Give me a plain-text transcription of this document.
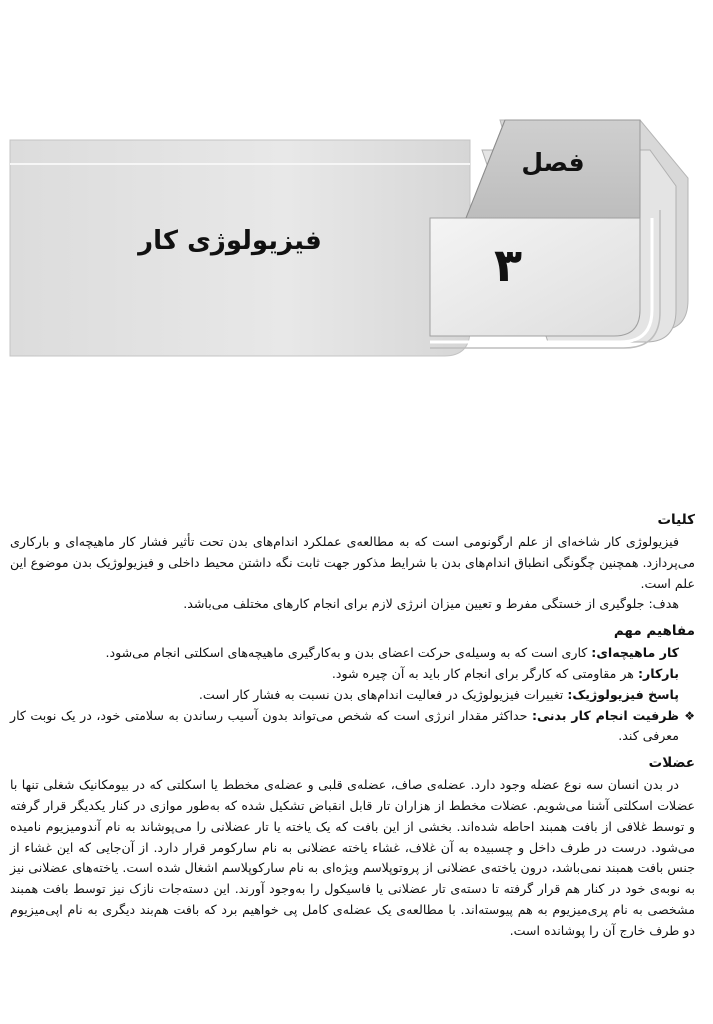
فصل
۳
فیزیولوژی کار
کلیات

فیزیولوژی کار شاخه‌ای از علم ارگونومی است که به مطالعه‌ی عملکرد اندام‌های بدن تحت تأثیر فشار کار ماهیچه‌ای و بارکاری می‌پردازد. همچنین چگونگی انطباق اندام‌های بدن با شرایط مذکور جهت ثابت نگه داشتن محیط داخلی و فیزیولوژیک بدن موضوع این علم است.

هدف: جلوگیری از خستگی مفرط و تعیین میزان انرژی لازم برای انجام کارهای مختلف می‌باشد.

مفاهیم مهم

کار ماهیچه‌ای: کاری است که به وسیله‌ی حرکت اعضای بدن و به‌کارگیری ماهیچه‌های اسکلتی انجام می‌شود.

بارکار: هر مقاومتی که کارگر برای انجام کار باید به آن چیره شود.

پاسخ فیزیولوژیک: تغییرات فیزیولوژیک در فعالیت اندام‌های بدن نسبت به فشار کار است.

❖
ظرفیت انجام کار بدنی: حداکثر مقدار انرژی است که شخص می‌تواند بدون آسیب رساندن به سلامتی خود، در یک نوبت کار معرفی کند.
عضلات

در بدن انسان سه نوع عضله وجود دارد. عضله‌ی صاف، عضله‌ی قلبی و عضله‌ی مخطط یا اسکلتی که در بیومکانیک شغلی تنها با عضلات اسکلتی آشنا می‌شویم. عضلات مخطط از هزاران تار قابل انقباض تشکیل شده که به‌طور موازی در کنار یکدیگر قرار گرفته و توسط غلافی از بافت همبند احاطه شده‌اند. بخشی از این بافت که یک یاخته یا تار عضلانی را می‌پوشاند به نام آندومیزیوم نامیده می‌شود. درست در طرف داخل و چسبیده به آن غلاف، غشاء یاخته عضلانی به نام سارکومر قرار دارد. از آن‌جایی که این غشاء از جنس بافت همبند نمی‌باشد، درون یاخته‌ی عضلانی از پروتوپلاسم ویژه‌ای به نام سارکوپلاسم اشغال شده است. یاخته‌های عضلانی نیز به نوبه‌ی خود در کنار هم قرار گرفته تا دسته‌ی تار عضلانی یا فاسیکول را به‌وجود آورند. این دسته‌جات نازک نیز توسط بافت همبند مشخصی به نام پری‌میزیوم به هم پیوسته‌اند. با مطالعه‌ی یک عضله‌ی کامل پی خواهیم برد که بافت هم‌بند دیگری به نام اپی‌میزیوم دو طرف خارج آن را پوشانده است.
